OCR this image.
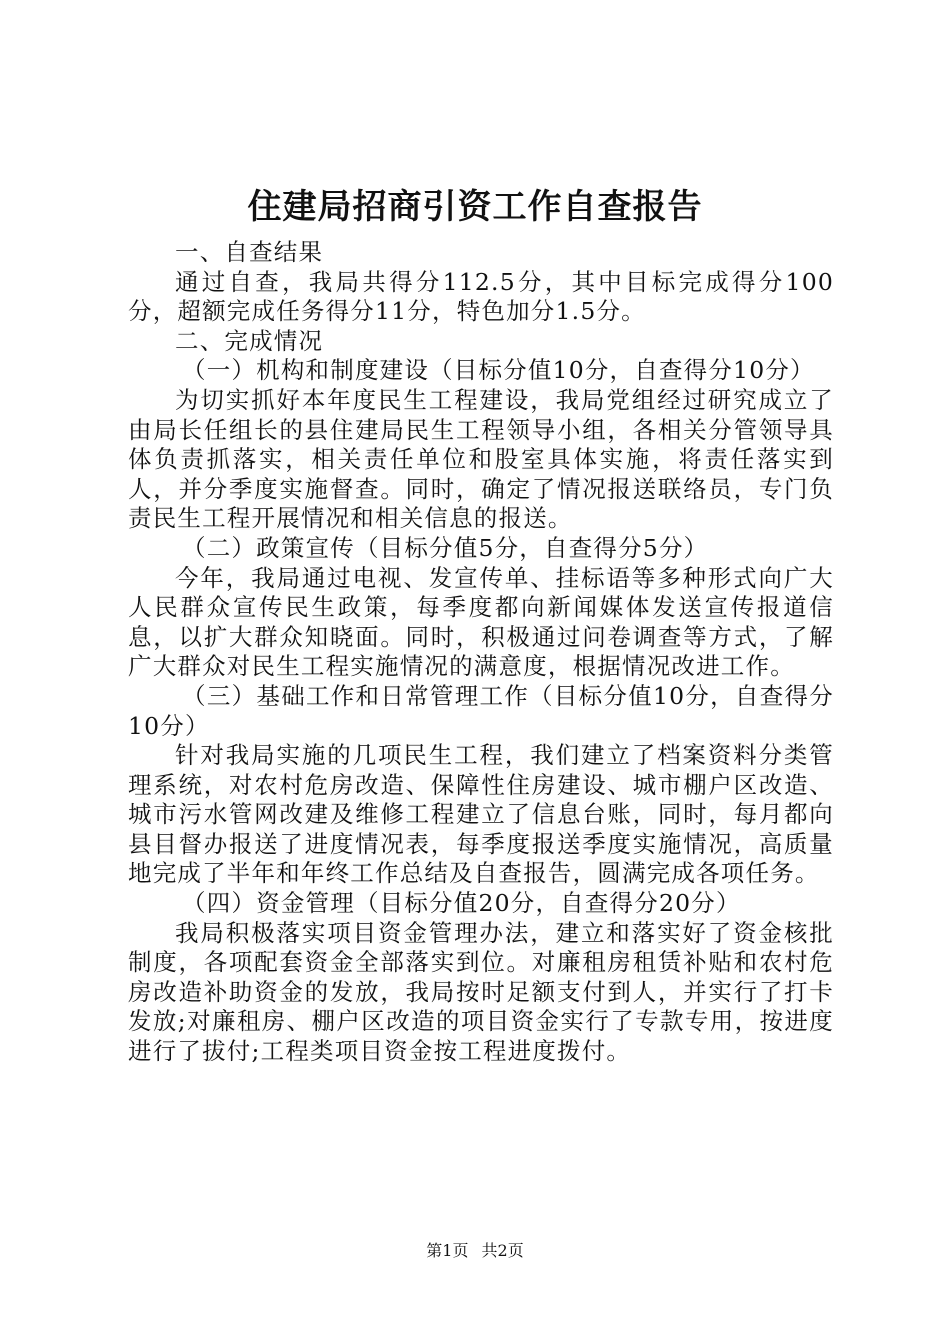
住建局招商引资工作自查报告

一、自查结果

通过自查，我局共得分112.5分，其中目标完成得分100分，超额完成任务得分11分，特色加分1.5分。

二、完成情况

（一）机构和制度建设（目标分值10分，自查得分10分）

为切实抓好本年度民生工程建设，我局党组经过研究成立了由局长任组长的县住建局民生工程领导小组，各相关分管领导具体负责抓落实，相关责任单位和股室具体实施，将责任落实到人，并分季度实施督查。同时，确定了情况报送联络员，专门负责民生工程开展情况和相关信息的报送。

（二）政策宣传（目标分值5分，自查得分5分）

今年，我局通过电视、发宣传单、挂标语等多种形式向广大人民群众宣传民生政策，每季度都向新闻媒体发送宣传报道信息，以扩大群众知晓面。同时，积极通过问卷调查等方式，了解广大群众对民生工程实施情况的满意度，根据情况改进工作。

（三）基础工作和日常管理工作（目标分值10分，自查得分10分）

针对我局实施的几项民生工程，我们建立了档案资料分类管理系统，对农村危房改造、保障性住房建设、城市棚户区改造、城市污水管网改建及维修工程建立了信息台账，同时，每月都向县目督办报送了进度情况表，每季度报送季度实施情况，高质量地完成了半年和年终工作总结及自查报告，圆满完成各项任务。

（四）资金管理（目标分值20分，自查得分20分）

我局积极落实项目资金管理办法，建立和落实好了资金核批制度，各项配套资金全部落实到位。对廉租房租赁补贴和农村危房改造补助资金的发放，我局按时足额支付到人，并实行了打卡发放;对廉租房、棚户区改造的项目资金实行了专款专用，按进度进行了拔付;工程类项目资金按工程进度拨付。

第1页 共2页
